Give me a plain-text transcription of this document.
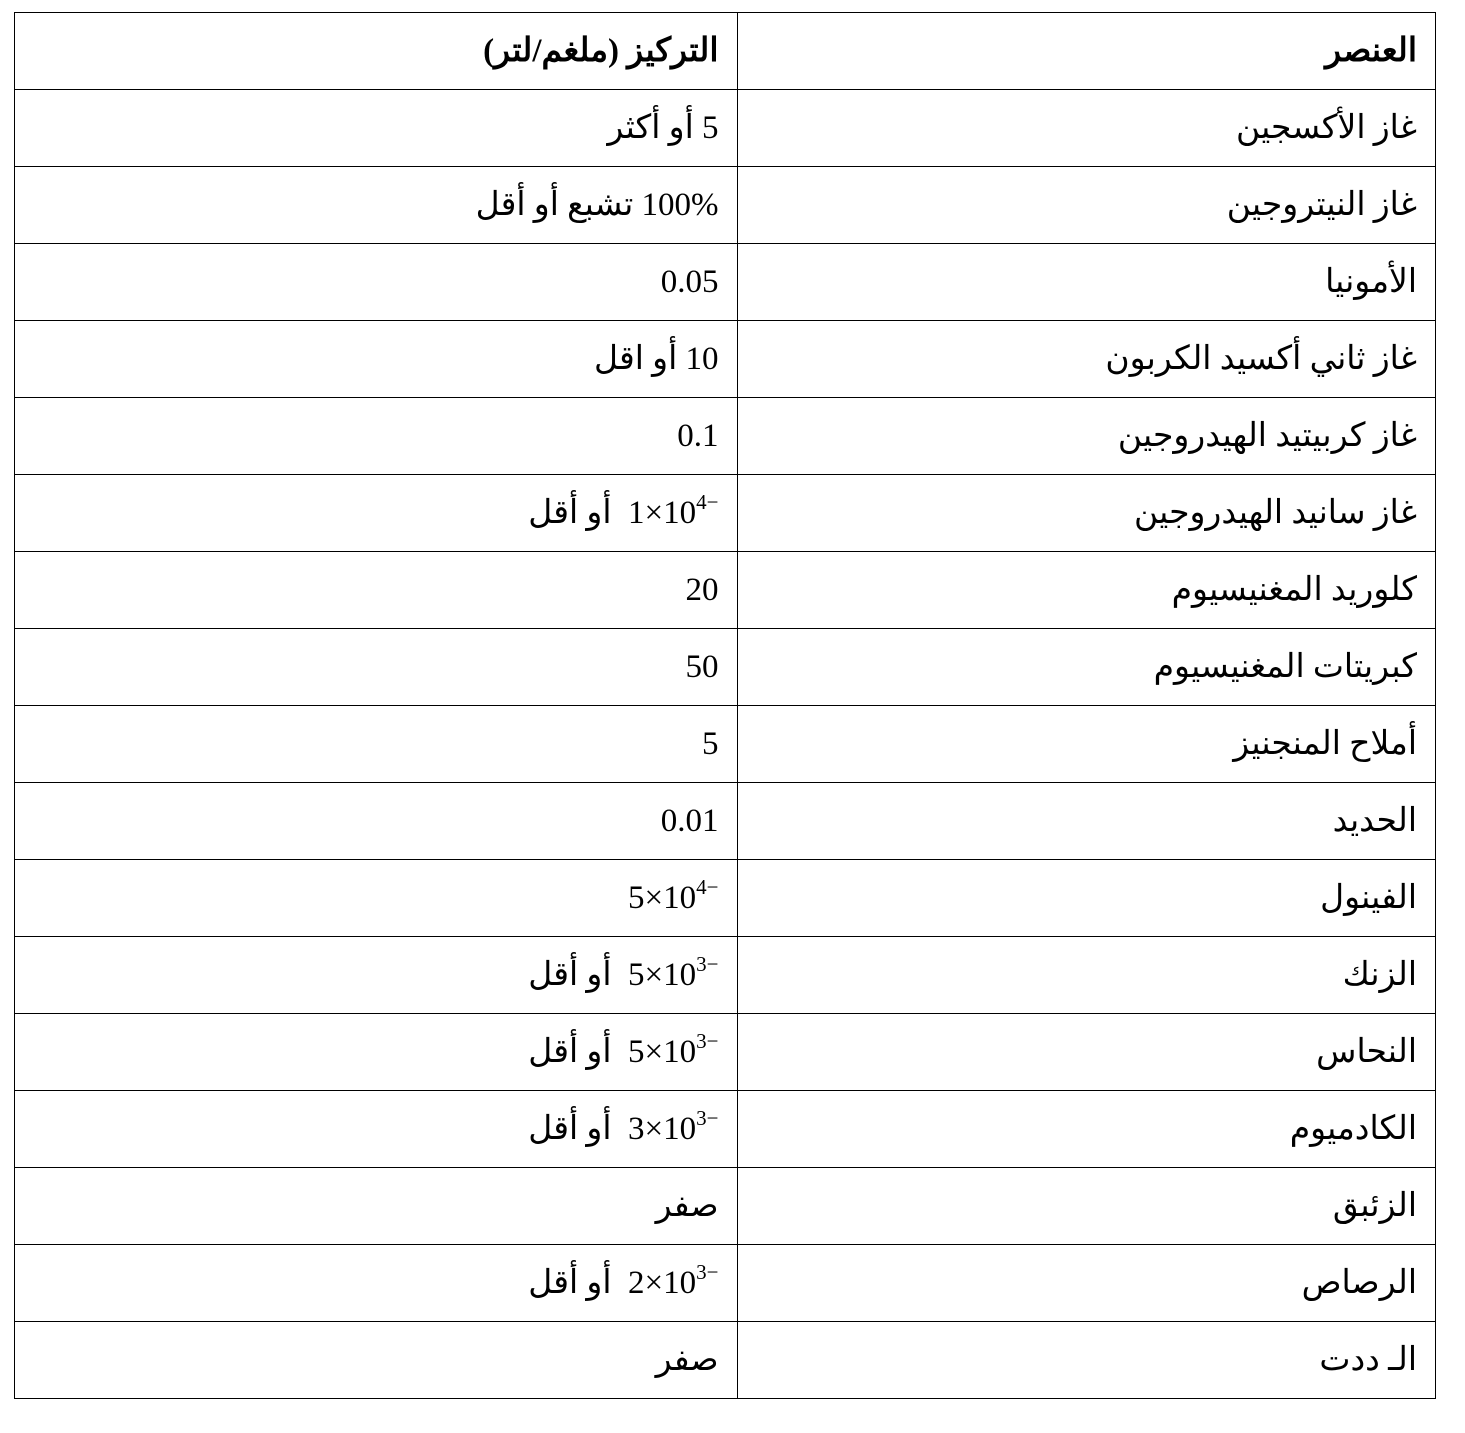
العنصر	التركيز (ملغم/لتر)
غاز الأكسجين	5 أو أكثر
غاز النيتروجين	100% تشبع أو أقل
الأمونيا	0.05
غاز ثاني أكسيد الكربون	10 أو اقل
غاز كربيتيد الهيدروجين	0.1
غاز سانيد الهيدروجين	$1\times 10^{4-}$  أو أقل
كلوريد المغنيسيوم	20
كبريتات المغنيسيوم	50
أملاح المنجنيز	5
الحديد	0.01
الفينول	$5\times 10^{4-}$
الزنك	$5\times 10^{3-}$  أو أقل
النحاس	$5\times 10^{3-}$  أو أقل
الكادميوم	$3\times 10^{3-}$  أو أقل
الزئبق	صفر
الرصاص	$2\times 10^{3-}$  أو أقل
الـ ددت	صفر
